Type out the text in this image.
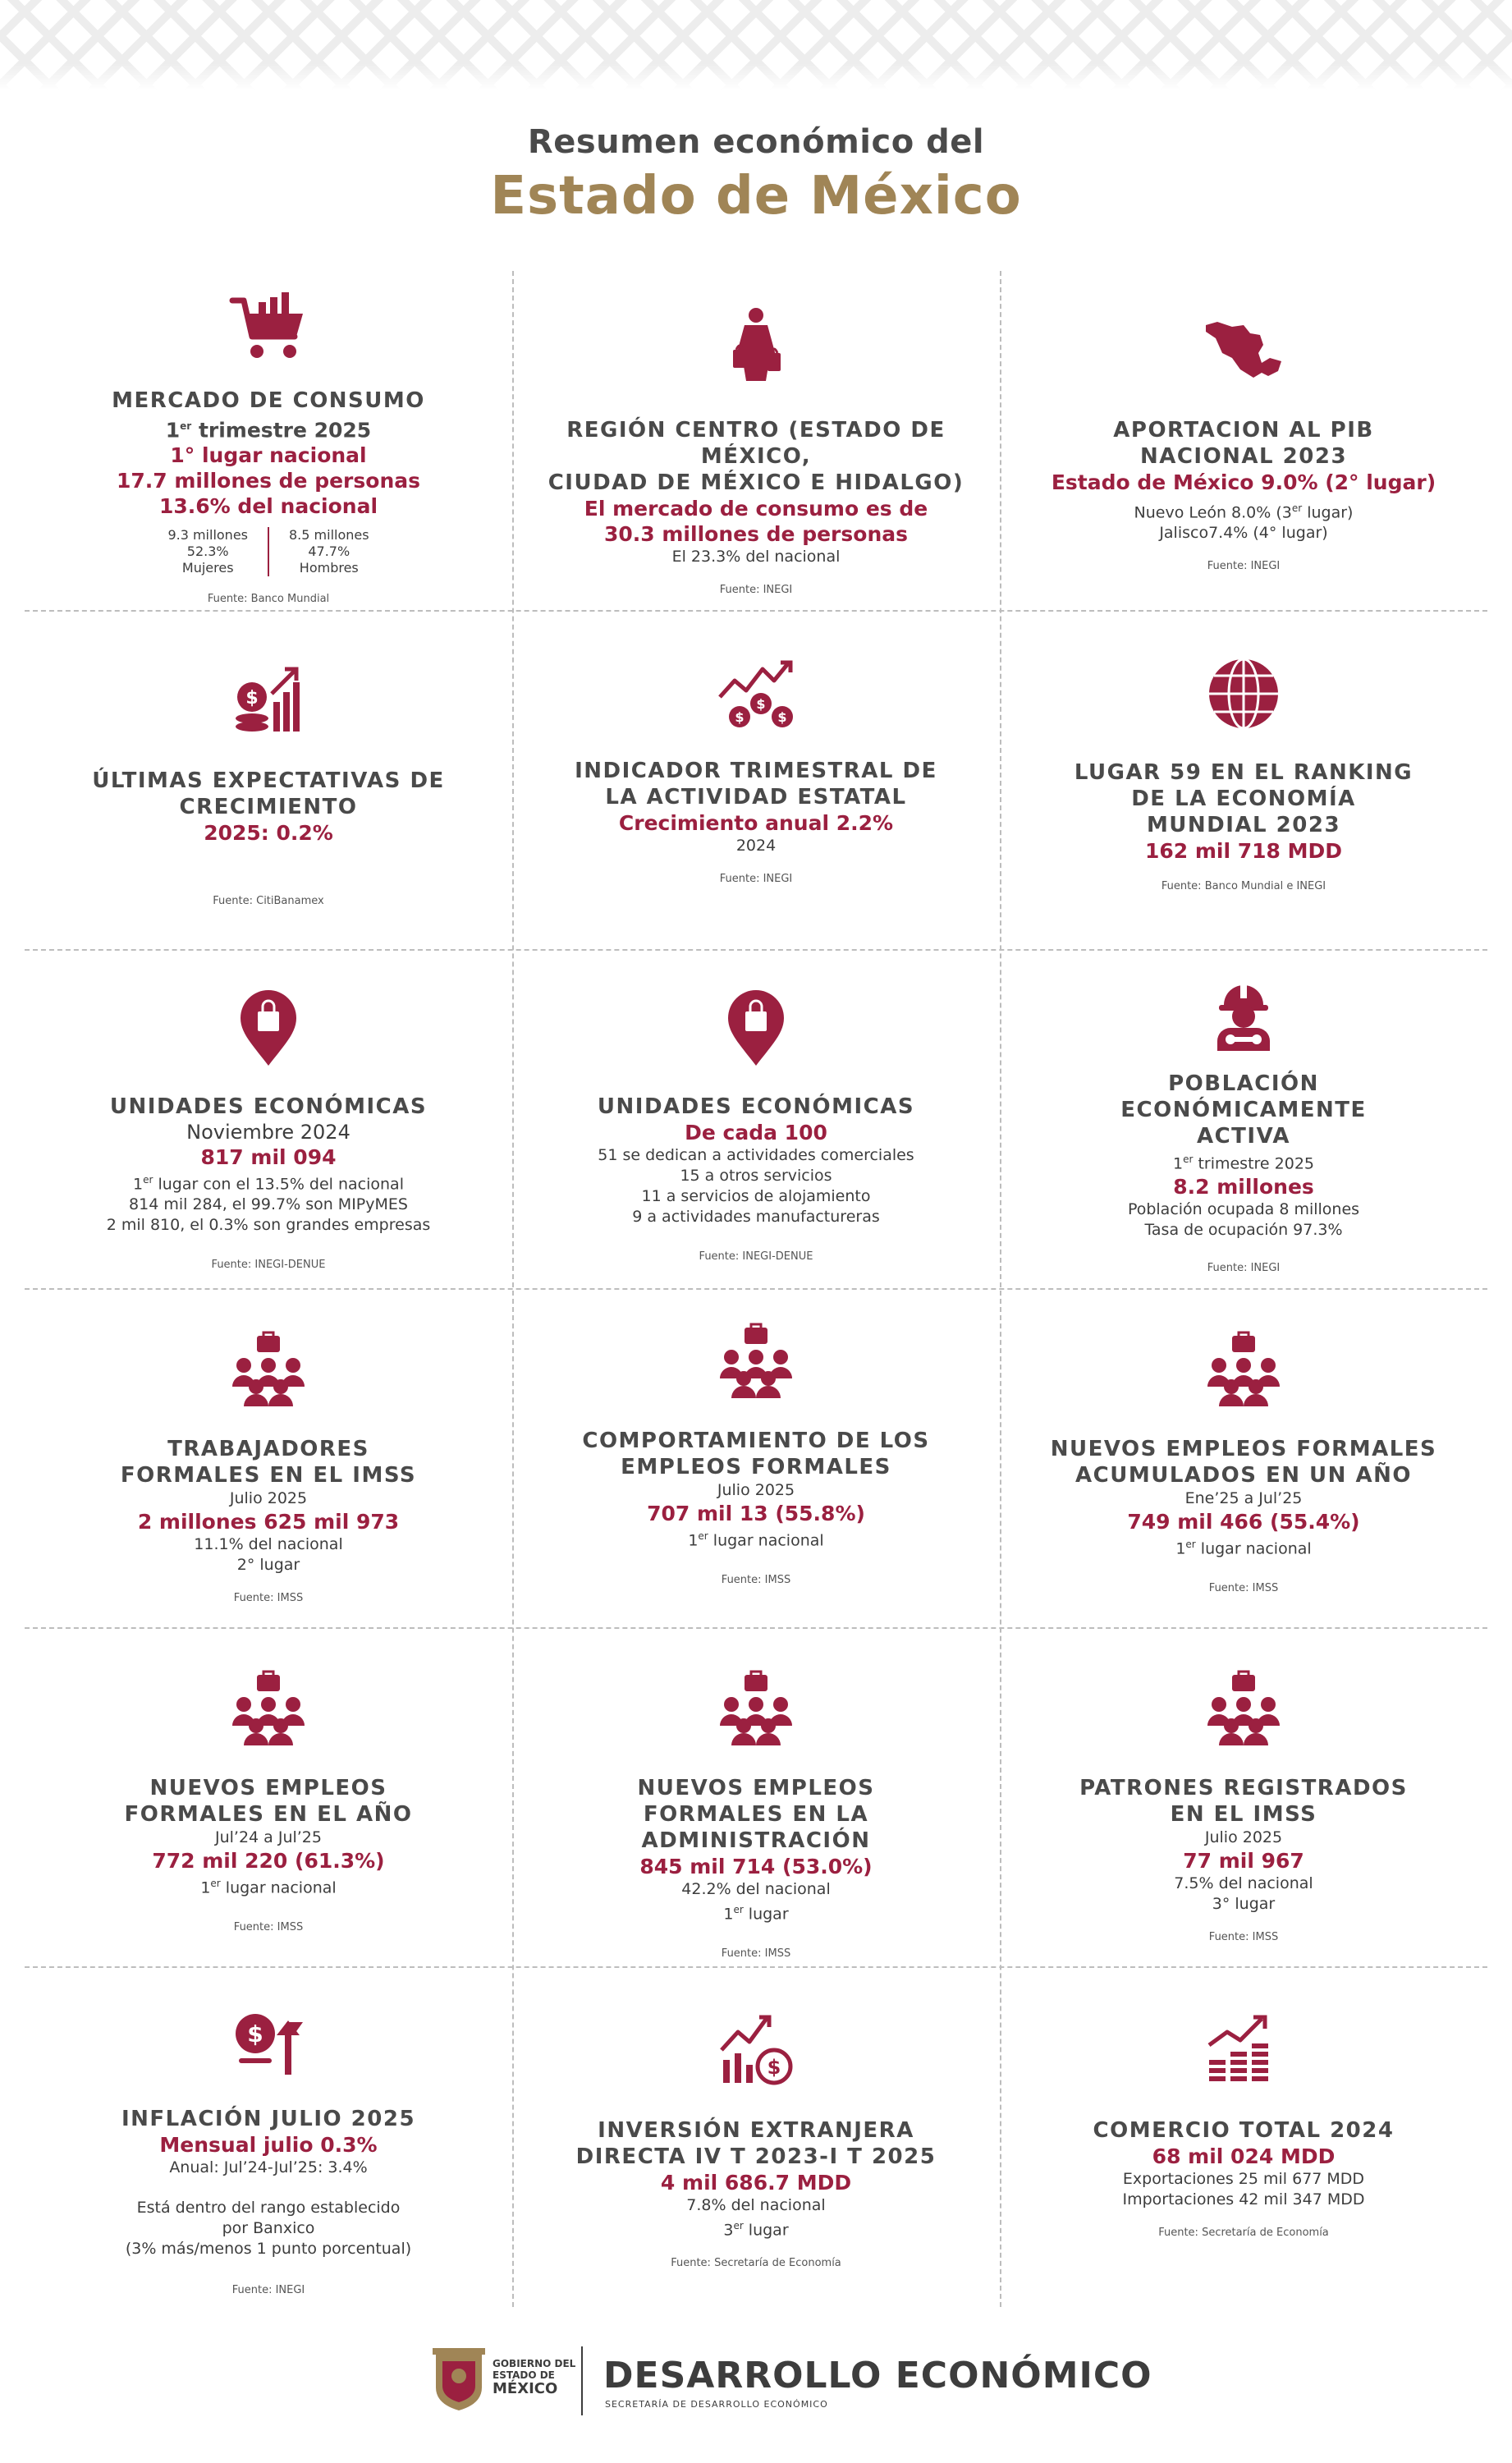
Resumen económico del
Estado de México
MERCADO DE CONSUMO
1er trimestre 2025
1° lugar nacional
17.7 millones de personas
13.6% del nacional
9.3 millones
52.3%
Mujeres
8.5 millones
47.7%
Hombres
Fuente: Banco Mundial
REGIÓN CENTRO (ESTADO DE MÉXICO,
CIUDAD DE MÉXICO E HIDALGO)
El mercado de consumo es de
30.3 millones de personas
El 23.3% del nacional
Fuente: INEGI
APORTACION AL PIB
NACIONAL 2023
Estado de México 9.0% (2° lugar)
Nuevo León 8.0% (3er lugar)
Jalisco7.4% (4° lugar)
Fuente: INEGI
$
ÚLTIMAS EXPECTATIVAS DE
CRECIMIENTO
2025: 0.2%
Fuente: CitiBanamex
$
$
$
INDICADOR TRIMESTRAL DE
LA ACTIVIDAD ESTATAL
Crecimiento anual 2.2%
2024
Fuente: INEGI
LUGAR 59 EN EL RANKING
DE LA ECONOMÍA
MUNDIAL 2023
162 mil 718 MDD
Fuente: Banco Mundial e INEGI
UNIDADES ECONÓMICAS
Noviembre 2024
817 mil 094
1er lugar con el 13.5% del nacional
814 mil 284, el 99.7% son MIPyMES
2 mil 810, el 0.3% son grandes empresas
Fuente: INEGI-DENUE
UNIDADES ECONÓMICAS
De cada 100
51 se dedican a actividades comerciales
15 a otros servicios
11 a servicios de alojamiento
9 a actividades manufactureras
Fuente: INEGI-DENUE
POBLACIÓN
ECONÓMICAMENTE
ACTIVA
1er trimestre 2025
8.2 millones
Población ocupada 8 millones
Tasa de ocupación 97.3%
Fuente: INEGI
TRABAJADORES
FORMALES EN EL IMSS
Julio 2025
2 millones 625 mil 973
11.1% del nacional
2° lugar
Fuente: IMSS
COMPORTAMIENTO DE LOS
EMPLEOS FORMALES
Julio 2025
707 mil 13 (55.8%)
1er lugar nacional
Fuente: IMSS
NUEVOS EMPLEOS FORMALES
ACUMULADOS EN UN AÑO
Ene’25 a Jul’25
749 mil 466 (55.4%)
1er lugar nacional
Fuente: IMSS
NUEVOS EMPLEOS
FORMALES EN EL AÑO
Jul’24 a Jul’25
772 mil 220 (61.3%)
1er lugar nacional
Fuente: IMSS
NUEVOS EMPLEOS
FORMALES EN LA ADMINISTRACIÓN
845 mil 714 (53.0%)
42.2% del nacional
1er lugar
Fuente: IMSS
PATRONES REGISTRADOS
EN EL IMSS
Julio 2025
77 mil 967
7.5% del nacional
3° lugar
Fuente: IMSS
$
INFLACIÓN JULIO 2025
Mensual julio 0.3%
Anual: Jul’24-Jul’25: 3.4%
Está dentro del rango establecido
por Banxico
(3% más/menos 1 punto porcentual)
Fuente: INEGI
$
INVERSIÓN EXTRANJERA
DIRECTA IV T 2023-I T 2025
4 mil 686.7 MDD
7.8% del nacional
3er lugar
Fuente: Secretaría de Economía
COMERCIO TOTAL 2024
68 mil 024 MDD
Exportaciones 25 mil 677 MDD
Importaciones 42 mil 347 MDD
Fuente: Secretaría de Economía
GOBIERNO DEL
ESTADO DE
MÉXICO	DESARROLLO ECONÓMICO
SECRETARÍA DE DESARROLLO ECONÓMICO
